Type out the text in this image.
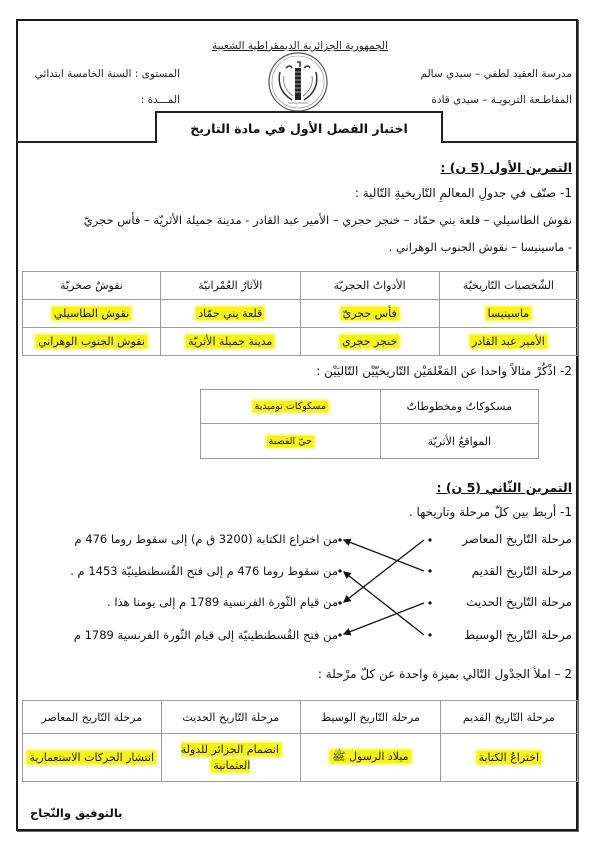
الجمهورية الجزائرية الديمقراطية الشعبية
مدرسة العقيد لطفي – سيدي سالم
المقاطـعة التربويـة – سيدي قادة
المستوى : السنة الخامسة ابتدائي
المـــدة :
اختبار الفصل الأول في مادة التاريخ
التمرين الأول (5 ن) :
1- صنّف في جدولِ المعالمِ التّاريخيةِ التّالية :
نقوش الطاسيلي – قلعة بني حمّاد – خنجر حجري – الأمير عبد القادر - مدينة جميلة الأثريّة – فأس حجريّ
- ماسينيسا – نقوش الجنوب الوهراني .
الشّخصيات التّاريخيّة	الأدواتُ الحجريّة	الآثارُ العُمْرانيّة	نقوشٌ صخريّة
ماسينيسا	فأس حجريّ	قلعة بني حمّاد	نقوش الطاسيلي
الأمير عبد القادر	خنجر حجري	مدينة جميلة الأثريّة	نقوش الجنوب الوهراني
2- اذْكُرْ مثالاً واحدا عن المَعْلمَيْن التّاريخيّيْن التّاليَيْن :
مسكوكاتٌ ومخطوطاتٌ	مسكوكات نوميدية
المواقعُ الأثريّة	حيّ القصبة
التمرين الثّاني (5 ن) :
1- أربط بين كلّ مرحلة وتاريخها .
مرحلة التّاريخ المعاصر
مرحلة التّاريخ القديم
مرحلة التّاريخ الحديث
مرحلة التّاريخ الوسيط
من اختراع الكتابة (3200 ق م) إلى سقوط روما 476 م
من سقوط روما 476 م إلى فتح القُسطنطينيّة 1453 م .
من قيام الثّورة الفرنسية 1789 م إلى يومنا هذا .
من فتح القُسطنطينيّة إلى قيام الثّورة الفرنسية 1789 م
2 – املأ الجدْول التّالي بميزة واحدة عن كلّ مرْحلة :
مرحلة التّاريخ القديم	مرحلة التّاريخ الوسيط	مرحلة التّاريخ الحديث	مرحلة التّاريخ المعاصر
اختراعُ الكتابة	ميلاد الرسول ﷺ	انضمام الجزائر للدولة العثمانية	انتشار الحركات الاستعمارية
بالتوفيق والنّجاح
